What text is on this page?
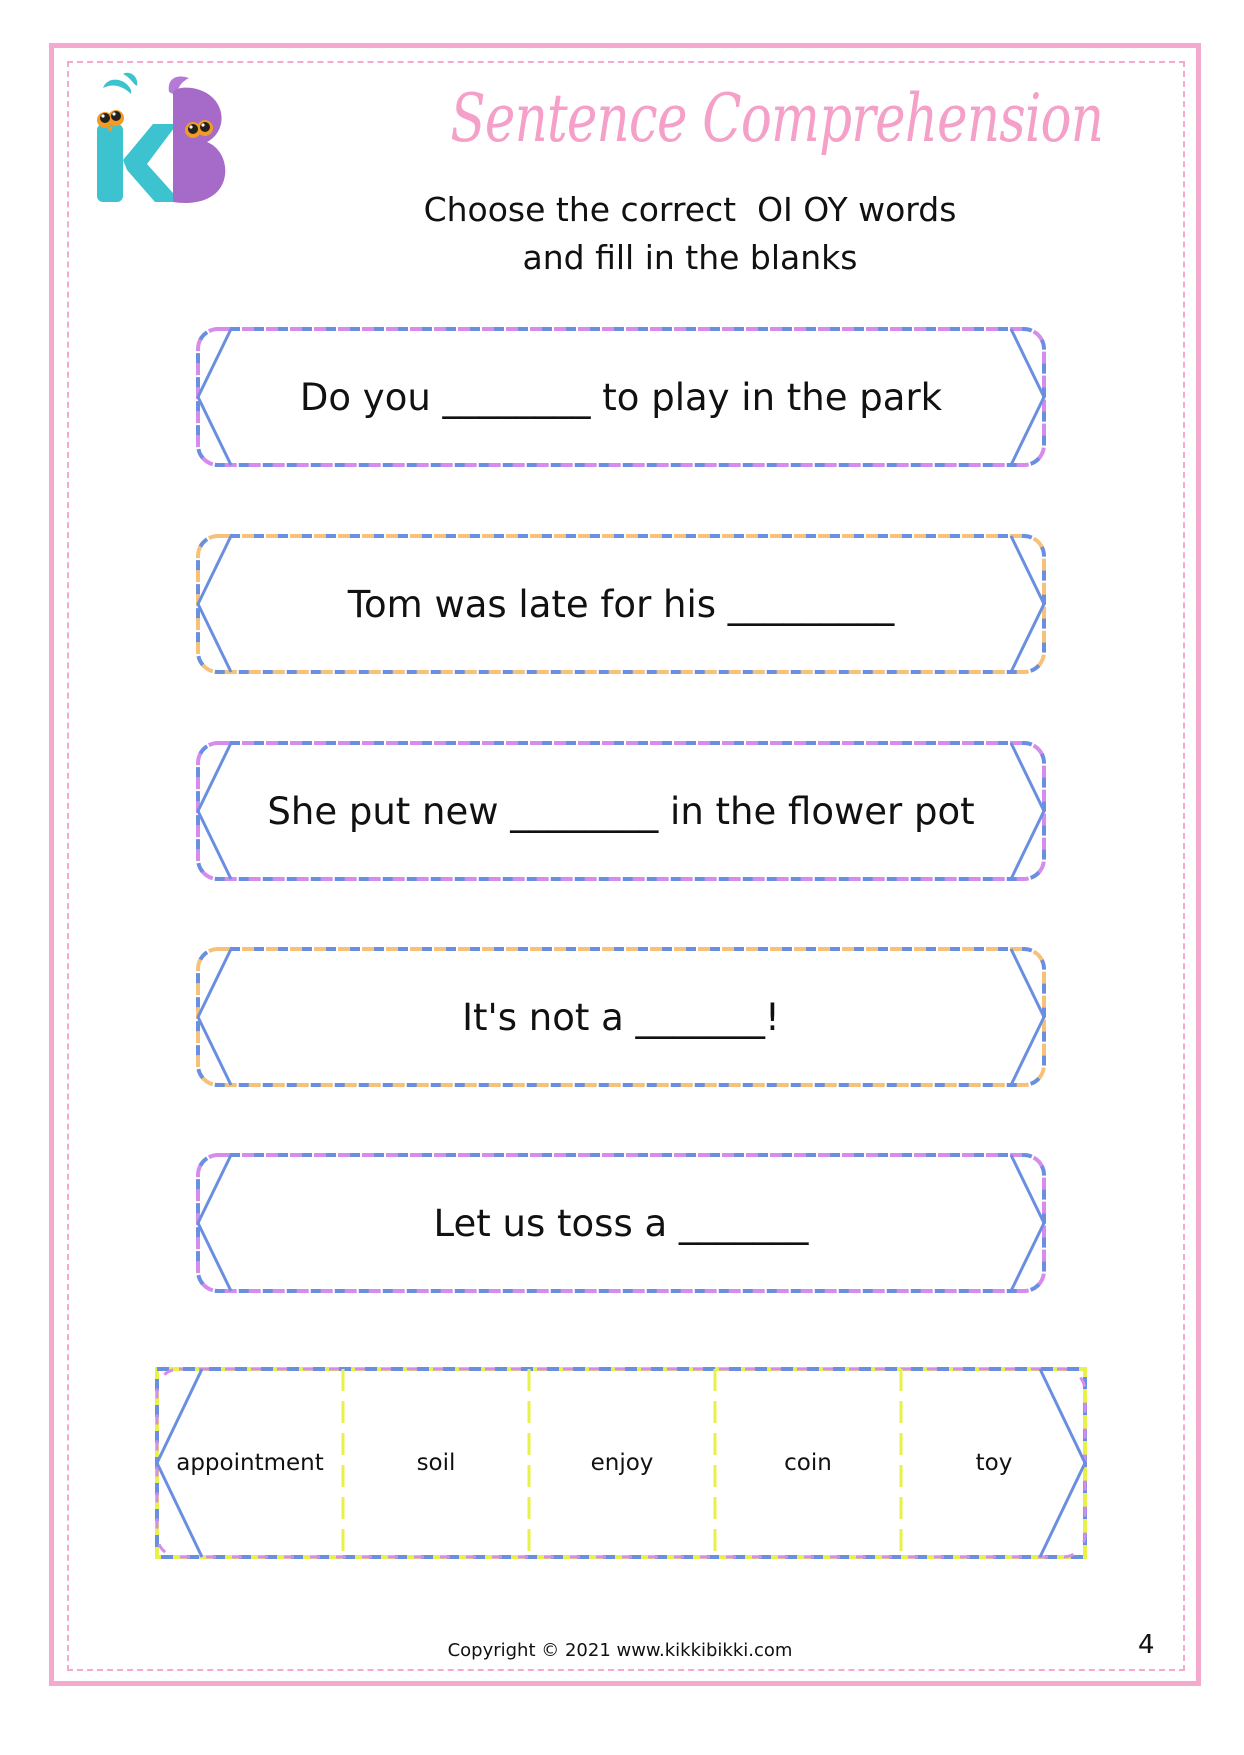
Sentence Comprehension
Choose the correct  OI OY words
and fill in the blanks
Do you ________ to play in the park
Tom was late for his _________
She put new ________ in the flower pot
It's not a _______!
Let us toss a _______
appointment	soil	enjoy	coin	toy
Copyright © 2021 www.kikkibikki.com	4
